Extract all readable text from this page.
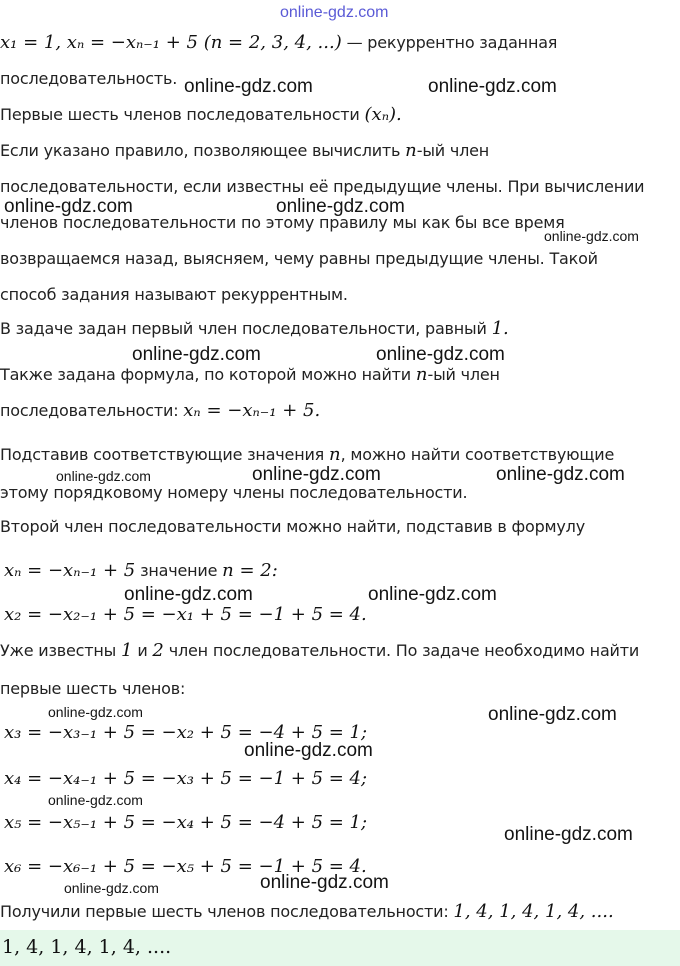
online-gdz.com
x₁ = 1, xₙ = −xₙ₋₁ + 5 (n = 2, 3, 4, ...) — рекуррентно заданная
последовательность.
Первые шесть членов последовательности (xₙ).
Если указано правило, позволяющее вычислить n-ый член
последовательности, если известны её предыдущие члены. При вычислении
членов последовательности по этому правилу мы как бы все время
возвращаемся назад, выясняем, чему равны предыдущие члены. Такой
способ задания называют рекуррентным.
В задаче задан первый член последовательности, равный 1.
Также задана формула, по которой можно найти n-ый член
последовательности: xₙ = −xₙ₋₁ + 5.
Подставив соответствующие значения n, можно найти соответствующие
этому порядковому номеру члены последовательности.
Второй член последовательности можно найти, подставив в формулу
xₙ = −xₙ₋₁ + 5 значение n = 2:
x₂ = −x₂₋₁ + 5 = −x₁ + 5 = −1 + 5 = 4.
Уже известны 1 и 2 член последовательности. По задаче необходимо найти
первые шесть членов:
x₃ = −x₃₋₁ + 5 = −x₂ + 5 = −4 + 5 = 1;
x₄ = −x₄₋₁ + 5 = −x₃ + 5 = −1 + 5 = 4;
x₅ = −x₅₋₁ + 5 = −x₄ + 5 = −4 + 5 = 1;
x₆ = −x₆₋₁ + 5 = −x₅ + 5 = −1 + 5 = 4.
Получили первые шесть членов последовательности: 1, 4, 1, 4, 1, 4, ....
1, 4, 1, 4, 1, 4, ....
online-gdz.com	online-gdz.com
online-gdz.com	online-gdz.com
online-gdz.com
online-gdz.com	online-gdz.com
online-gdz.com	online-gdz.com	online-gdz.com
online-gdz.com	online-gdz.com
online-gdz.com	online-gdz.com
online-gdz.com
online-gdz.com
online-gdz.com
online-gdz.com	online-gdz.com
